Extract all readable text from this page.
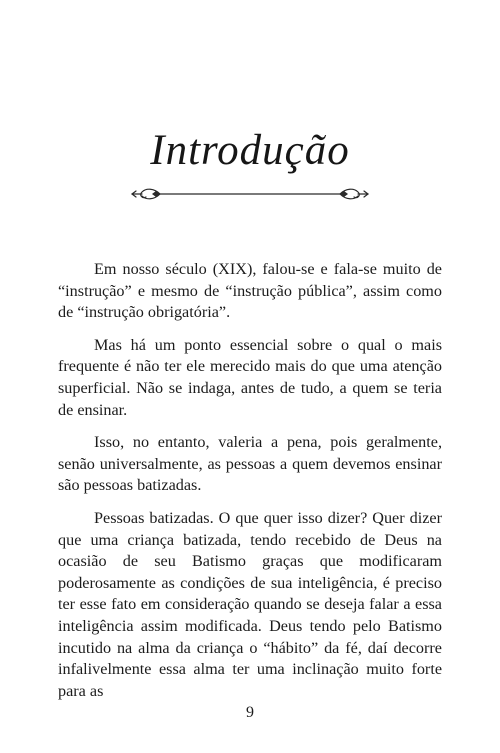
Introdução

Em nosso século (XIX), falou-se e fala-se muito de “instrução” e mesmo de “instrução pública”, assim como de “instrução obrigatória”.

Mas há um ponto essencial sobre o qual o mais frequente é não ter ele merecido mais do que uma atenção superficial. Não se indaga, antes de tudo, a quem se teria de ensinar.

Isso, no entanto, valeria a pena, pois geralmente, senão universalmente, as pessoas a quem devemos ensinar são pessoas batizadas.

Pessoas batizadas. O que quer isso dizer? Quer dizer que uma criança batizada, tendo recebido de Deus na ocasião de seu Batismo graças que modificaram poderosamente as condições de sua inteligência, é preciso ter esse fato em consideração quando se deseja falar a essa inteligência assim modificada. Deus tendo pelo Batismo incutido na alma da criança o “hábito” da fé, daí decorre infalivelmente essa alma ter uma inclinação muito forte para as

9
